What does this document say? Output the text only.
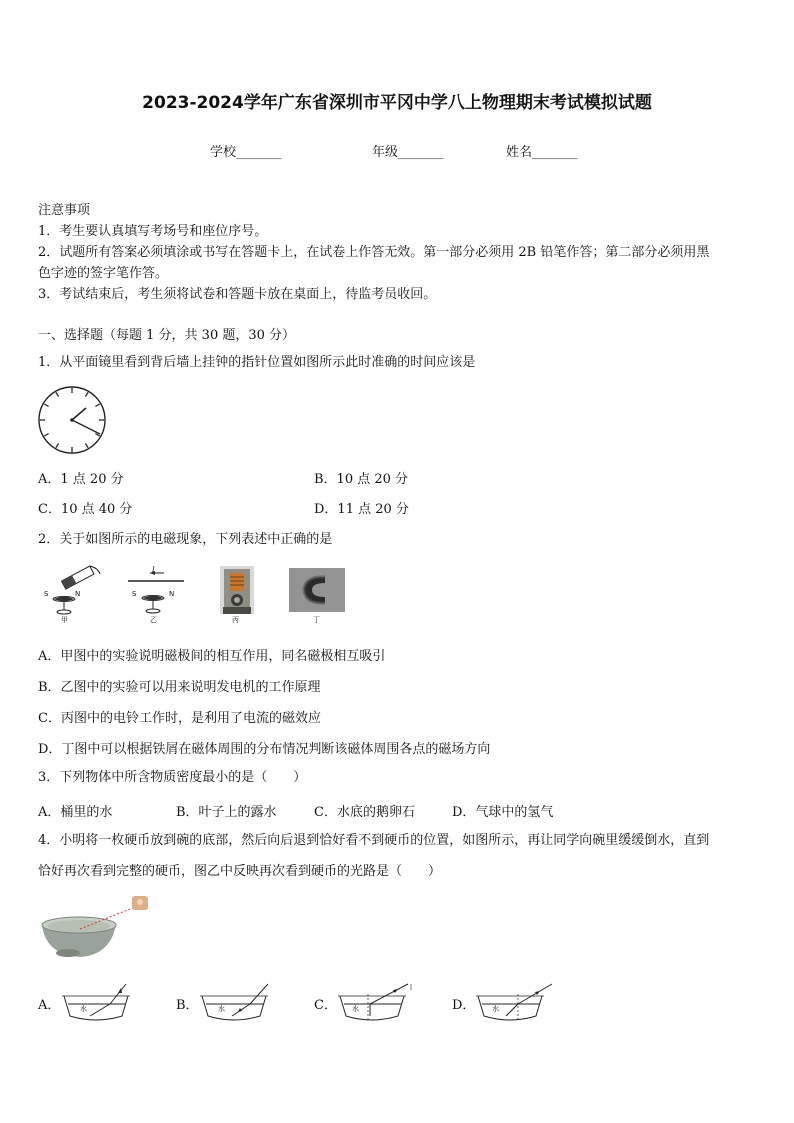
2023-2024学年广东省深圳市平冈中学八上物理期末考试模拟试题
学校_______	年级_______	姓名_______
注意事项
1．考生要认真填写考场号和座位序号。
2．试题所有答案必须填涂或书写在答题卡上，在试卷上作答无效。第一部分必须用 2B 铅笔作答；第二部分必须用黑
色字迹的签字笔作答。
3．考试结束后，考生须将试卷和答题卡放在桌面上，待监考员收回。
一、选择题（每题 1 分，共 30 题，30 分）
1．从平面镜里看到背后墙上挂钟的指针位置如图所示此时准确的时间应该是
A．1 点 20 分	B．10 点 20 分
C．10 点 40 分	D．11 点 20 分
2．关于如图所示的电磁现象，下列表述中正确的是
S	N
甲
I
S	N
乙	丙	丁
A．甲图中的实验说明磁极间的相互作用，同名磁极相互吸引
B．乙图中的实验可以用来说明发电机的工作原理
C．丙图中的电铃工作时，是利用了电流的磁效应
D．丁图中可以根据铁屑在磁体周围的分布情况判断该磁体周围各点的磁场方向
3．下列物体中所含物质密度最小的是（　　）
A．桶里的水	B．叶子上的露水	C．水底的鹅卵石	D．气球中的氢气
4．小明将一枚硬币放到碗的底部，然后向后退到恰好看不到硬币的位置，如图所示，再让同学向碗里缓缓倒水，直到
恰好再次看到完整的硬币，图乙中反映再次看到硬币的光路是（　　）
A．	水	B．	水	C． 水	D． 水
